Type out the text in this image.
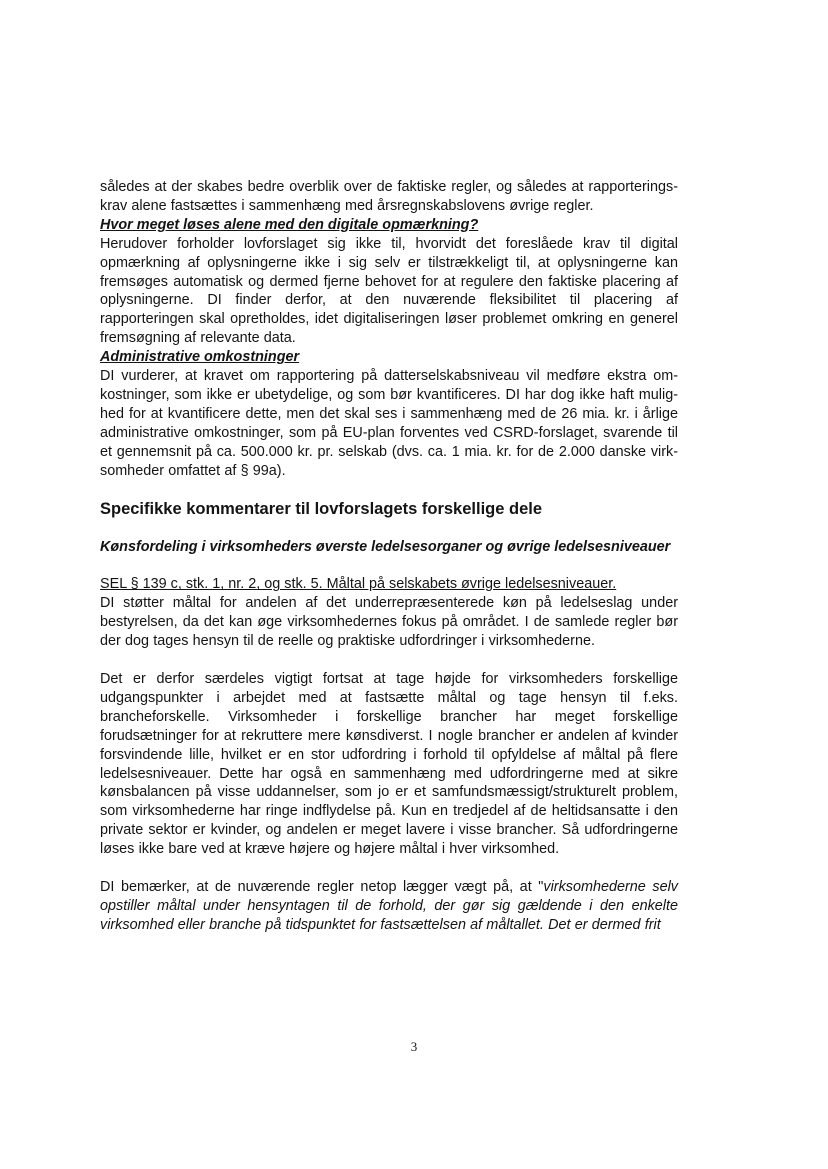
således at der skabes bedre overblik over de faktiske regler, og således at rapporterings-krav alene fastsættes i sammenhæng med årsregnskabslovens øvrige regler.

Hvor meget løses alene med den digitale opmærkning?

Herudover forholder lovforslaget sig ikke til, hvorvidt det foreslåede krav til digital opmærkning af oplysningerne ikke i sig selv er tilstrækkeligt til, at oplysningerne kan fremsøges automatisk og dermed fjerne behovet for at regulere den faktiske placering af oplysningerne. DI finder derfor, at den nuværende fleksibilitet til placering af rapporteringen skal opretholdes, idet digitaliseringen løser problemet omkring en generel fremsøgning af relevante data.

Administrative omkostninger

DI vurderer, at kravet om rapportering på datterselskabsniveau vil medføre ekstra om-kostninger, som ikke er ubetydelige, og som bør kvantificeres. DI har dog ikke haft mulig-hed for at kvantificere dette, men det skal ses i sammenhæng med de 26 mia. kr. i årlige administrative omkostninger, som på EU-plan forventes ved CSRD-forslaget, svarende til et gennemsnit på ca. 500.000 kr. pr. selskab (dvs. ca. 1 mia. kr. for de 2.000 danske virk-somheder omfattet af § 99a).

Specifikke kommentarer til lovforslagets forskellige dele

Kønsfordeling i virksomheders øverste ledelsesorganer og øvrige ledelsesniveauer

SEL § 139 c, stk. 1, nr. 2, og stk. 5. Måltal på selskabets øvrige ledelsesniveauer.

DI støtter måltal for andelen af det underrepræsenterede køn på ledelseslag under bestyrelsen, da det kan øge virksomhedernes fokus på området. I de samlede regler bør der dog tages hensyn til de reelle og praktiske udfordringer i virksomhederne.

Det er derfor særdeles vigtigt fortsat at tage højde for virksomheders forskellige udgangspunkter i arbejdet med at fastsætte måltal og tage hensyn til f.eks. brancheforskelle. Virksomheder i forskellige brancher har meget forskellige forudsætninger for at rekruttere mere kønsdiverst. I nogle brancher er andelen af kvinder forsvindende lille, hvilket er en stor udfordring i forhold til opfyldelse af måltal på flere ledelsesniveauer. Dette har også en sammenhæng med udfordringerne med at sikre kønsbalancen på visse uddannelser, som jo er et samfundsmæssigt/strukturelt problem, som virksomhederne har ringe indflydelse på. Kun en tredjedel af de heltidsansatte i den private sektor er kvinder, og andelen er meget lavere i visse brancher. Så udfordringerne løses ikke bare ved at kræve højere og højere måltal i hver virksomhed.

DI bemærker, at de nuværende regler netop lægger vægt på, at "virksomhederne selv opstiller måltal under hensyntagen til de forhold, der gør sig gældende i den enkelte virksomhed eller branche på tidspunktet for fastsættelsen af måltallet. Det er dermed frit

3
